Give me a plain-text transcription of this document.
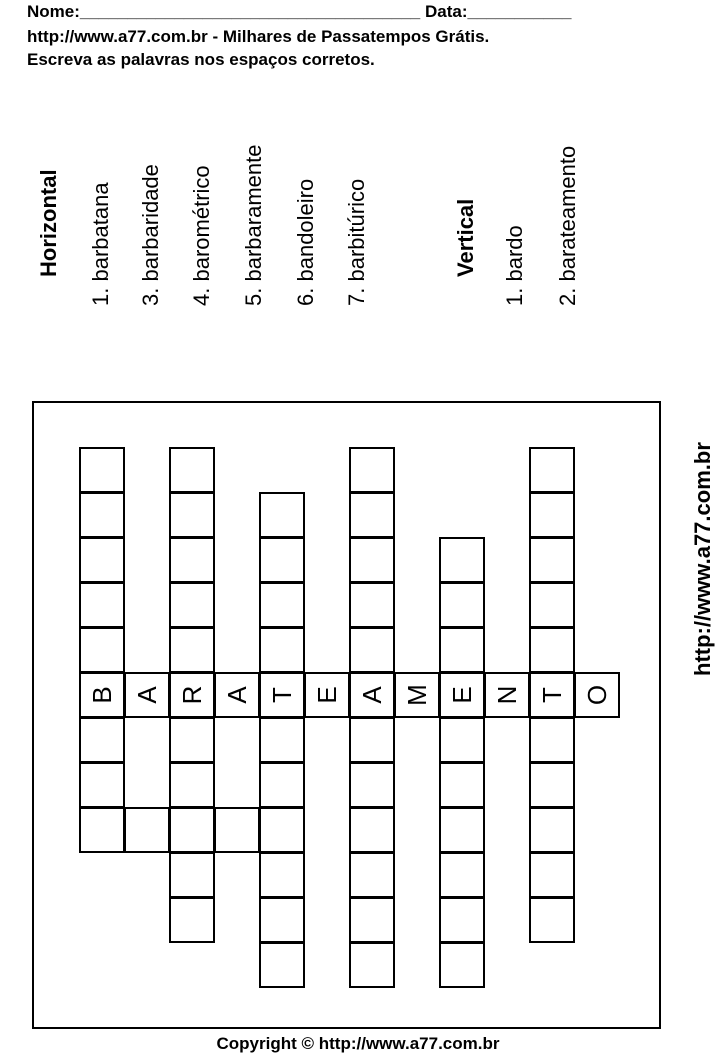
Nome:____________________________________ Data:___________
http://www.a77.com.br - Milhares de Passatempos Grátis.
Escreva as palavras nos espaços corretos.
Horizontal
1. barbatana
3. barbaridade
4. barométrico
5. barbaramente
6. bandoleiro
7. barbitúrico	Vertical
1. bardo
2. barateamento
B R T A E T
A A E M N O
http://www.a77.com.br
Copyright © http://www.a77.com.br
